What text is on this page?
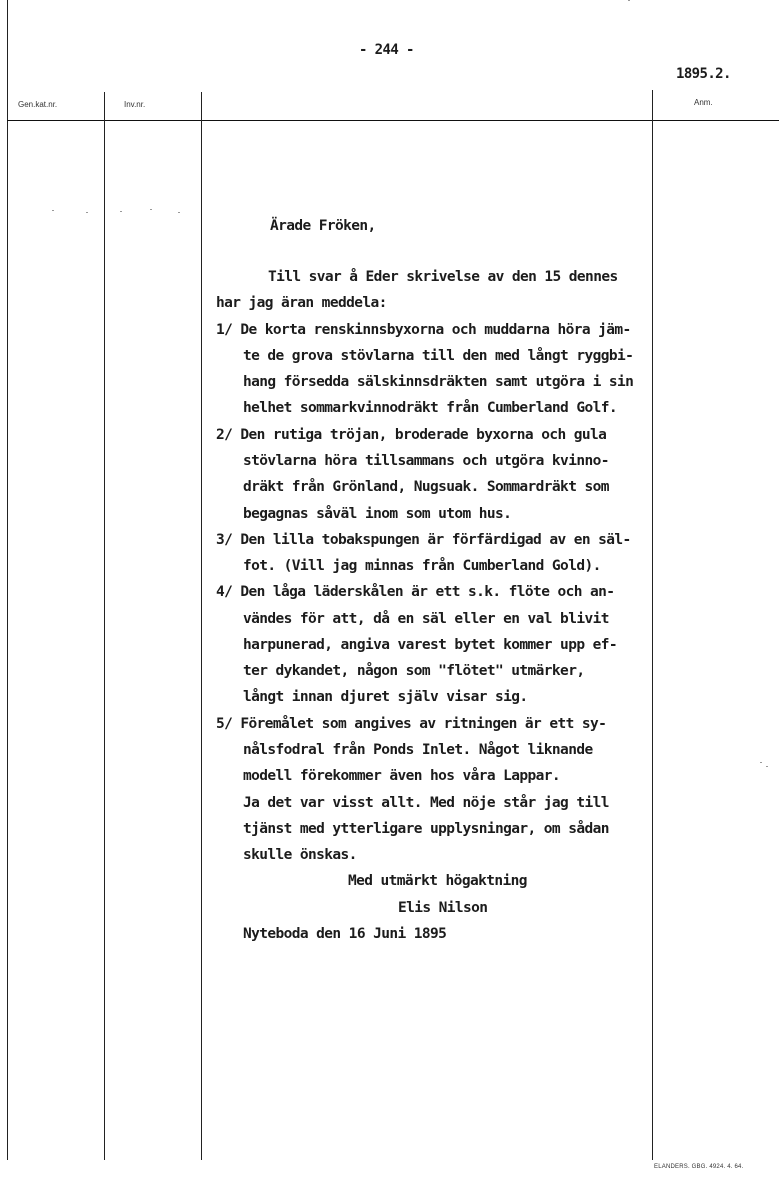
- 244 -
1895.2.
Gen.kat.nr.	Inv.nr.	Anm.
Ärade Fröken,
Till svar å Eder skrivelse av den 15 dennes
har jag äran meddela:
1/ De korta renskinnsbyxorna och muddarna höra jäm-
te de grova stövlarna till den med långt ryggbi-
hang försedda sälskinnsdräkten samt utgöra i sin
helhet sommarkvinnodräkt från Cumberland Golf.
2/ Den rutiga tröjan, broderade byxorna och gula
stövlarna höra tillsammans och utgöra kvinno-
dräkt från Grönland, Nugsuak. Sommardräkt som
begagnas såväl inom som utom hus.
3/ Den lilla tobakspungen är förfärdigad av en säl-
fot. (Vill jag minnas från Cumberland Gold).
4/ Den låga läderskålen är ett s.k. flöte och an-
vändes för att, då en säl eller en val blivit
harpunerad, angiva varest bytet kommer upp ef-
ter dykandet, någon som "flötet" utmärker,
långt innan djuret själv visar sig.
5/ Föremålet som angives av ritningen är ett sy-
nålsfodral från Ponds Inlet. Något liknande
modell förekommer även hos våra Lappar.
Ja det var visst allt. Med nöje står jag till
tjänst med ytterligare upplysningar, om sådan
skulle önskas.
Med utmärkt högaktning
Elis Nilson
Nyteboda den 16 Juni 1895
ELANDERS. GBG. 4924. 4. 64.
